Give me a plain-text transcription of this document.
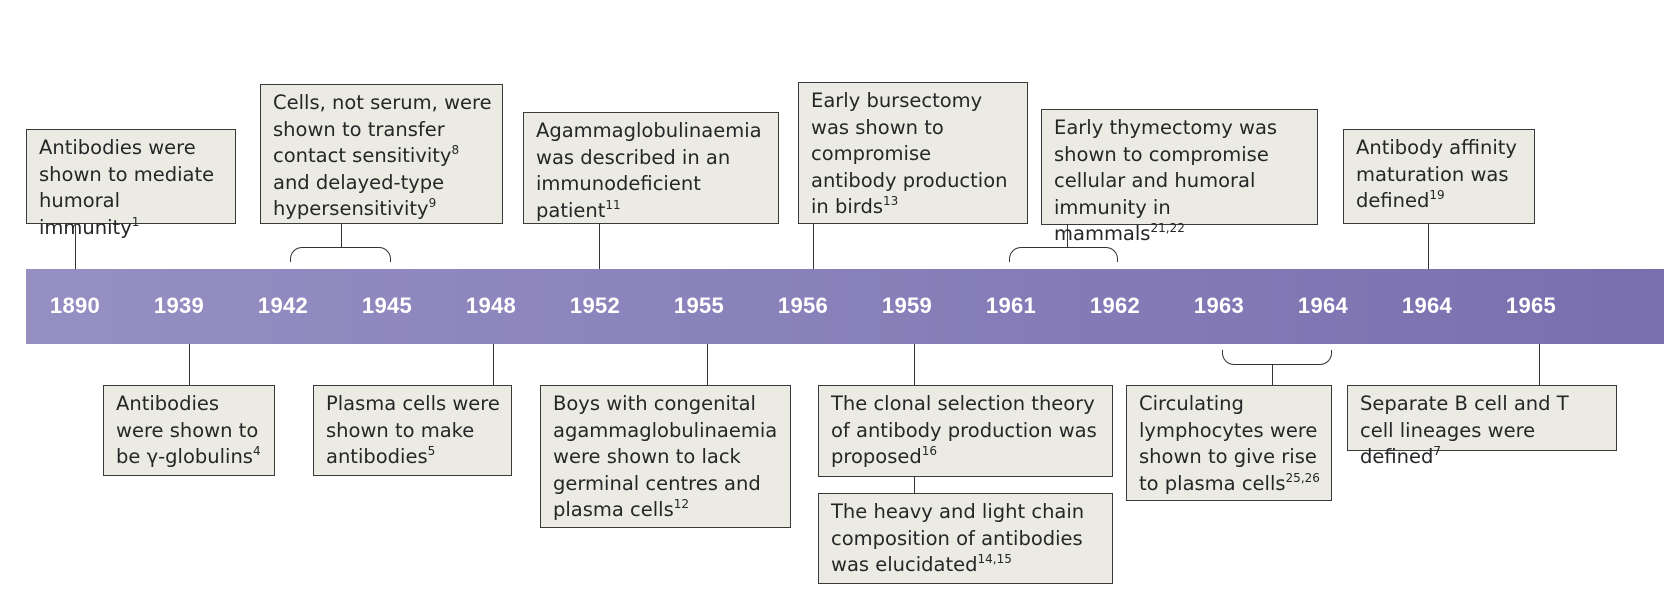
1890	1939	1942	1945	1948	1952	1955	1956	1959	1961	1962	1963	1964	1964	1965
Antibodies were shown to mediate humoral immunity$^1$
Cells, not serum, were shown to transfer contact sensitivity$^8$ and delayed-type hypersensitivity$^9$
Agammaglobulinaemia was described in an immunodeficient patient$^{11}$
Early bursectomy was shown to compromise antibody production in birds$^{13}$
Early thymectomy was shown to compromise cellular and humoral immunity in mammals$^{21,22}$
Antibody affinity maturation was defined$^{19}$
Antibodies were shown to be γ-globulins$^4$
Plasma cells were shown to make antibodies$^5$
Boys with congenital agammaglobulinaemia were shown to lack germinal centres and plasma cells$^{12}$
The clonal selection theory of antibody production was proposed$^{16}$
The heavy and light chain composition of antibodies was elucidated$^{14,15}$
Circulating lymphocytes were shown to give rise to plasma cells$^{25,26}$
Separate B cell and T cell lineages were defined$^7$
